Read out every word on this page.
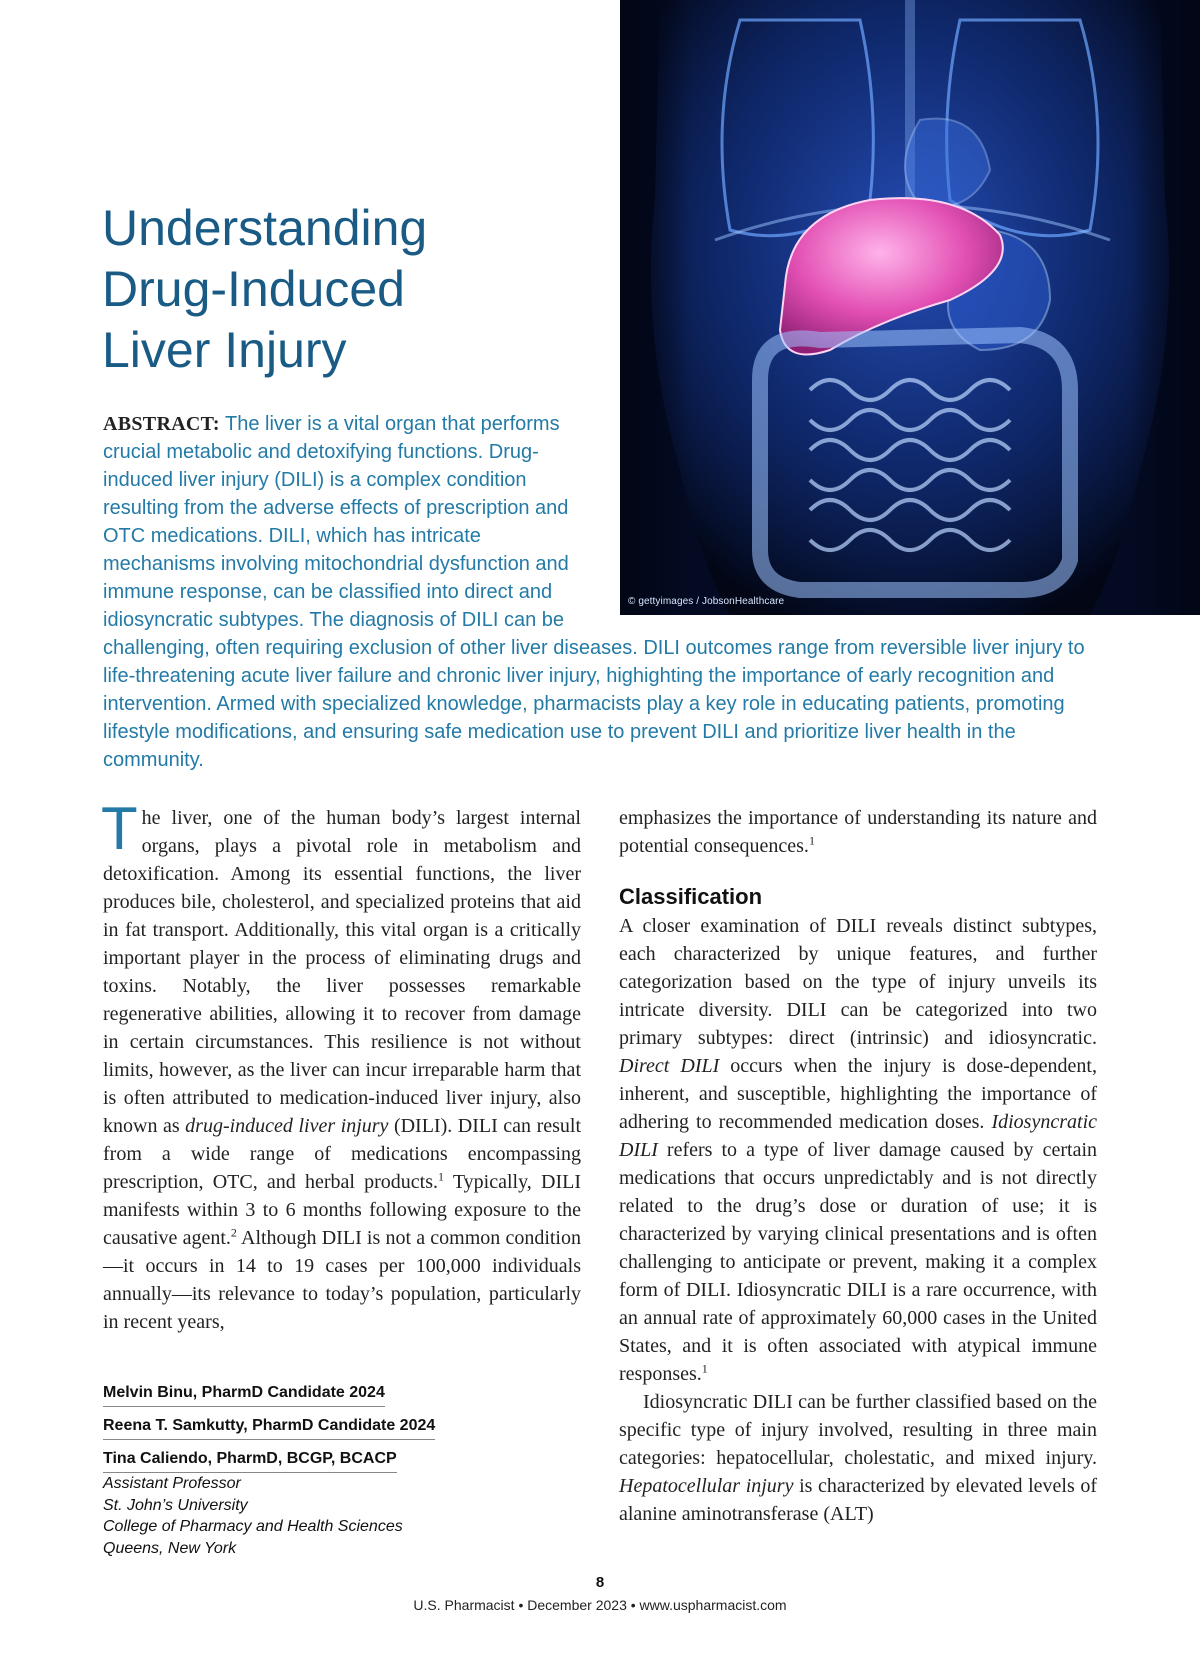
© gettyimages / JobsonHealthcare
Understanding
Drug-Induced
Liver Injury

ABSTRACT: The liver is a vital organ that performs crucial metabolic and detoxifying functions. Drug-induced liver injury (DILI) is a complex condition resulting from the adverse effects of prescription and OTC medications. DILI, which has intricate mechanisms involving mitochondrial dysfunction and immune response, can be classified into direct and idiosyncratic subtypes. The diagnosis of DILI can be challenging, often requiring exclusion of other liver diseases. DILI outcomes range from reversible liver injury to life-threatening acute liver failure and chronic liver injury, highighting the importance of early recognition and intervention. Armed with specialized knowledge, pharmacists play a key role in educating patients, promoting lifestyle modifications, and ensuring safe medication use to prevent DILI and prioritize liver health in the community.

The liver, one of the human body’s largest internal organs, plays a pivotal role in metabolism and detoxification. Among its essential functions, the liver produces bile, cholesterol, and specialized proteins that aid in fat transport. Additionally, this vital organ is a critically important player in the process of eliminating drugs and toxins. Notably, the liver possesses remarkable regenerative abilities, allowing it to recover from damage in certain circumstances. This resilience is not without limits, however, as the liver can incur irreparable harm that is often attributed to medication-induced liver injury, also known as drug-induced liver injury (DILI). DILI can result from a wide range of medications encompassing prescription, OTC, and herbal products.$^1$ Typically, DILI manifests within 3 to 6 months following exposure to the causative agent.$^2$ Although DILI is not a common condition—it occurs in 14 to 19 cases per 100,000 individuals annually—its relevance to today’s population, particularly in recent years,

emphasizes the importance of understanding its nature and potential consequences.$^1$

Classification

A closer examination of DILI reveals distinct subtypes, each characterized by unique features, and further categorization based on the type of injury unveils its intricate diversity. DILI can be categorized into two primary subtypes: direct (intrinsic) and idiosyncratic. Direct DILI occurs when the injury is dose-dependent, inherent, and susceptible, highlighting the importance of adhering to recommended medication doses. Idiosyncratic DILI refers to a type of liver damage caused by certain medications that occurs unpredictably and is not directly related to the drug’s dose or duration of use; it is characterized by varying clinical presentations and is often challenging to anticipate or prevent, making it a complex form of DILI. Idiosyncratic DILI is a rare occurrence, with an annual rate of approximately 60,000 cases in the United States, and it is often associated with atypical immune responses.$^1$

Idiosyncratic DILI can be further classified based on the specific type of injury involved, resulting in three main categories: hepatocellular, cholestatic, and mixed injury. Hepatocellular injury is characterized by elevated levels of alanine aminotransferase (ALT)

Melvin Binu, PharmD Candidate 2024

Reena T. Samkutty, PharmD Candidate 2024

Tina Caliendo, PharmD, BCGP, BCACP

Assistant Professor
St. John’s University
College of Pharmacy and Health Sciences
Queens, New York
8
U.S. Pharmacist • December 2023 • www.uspharmacist.com
